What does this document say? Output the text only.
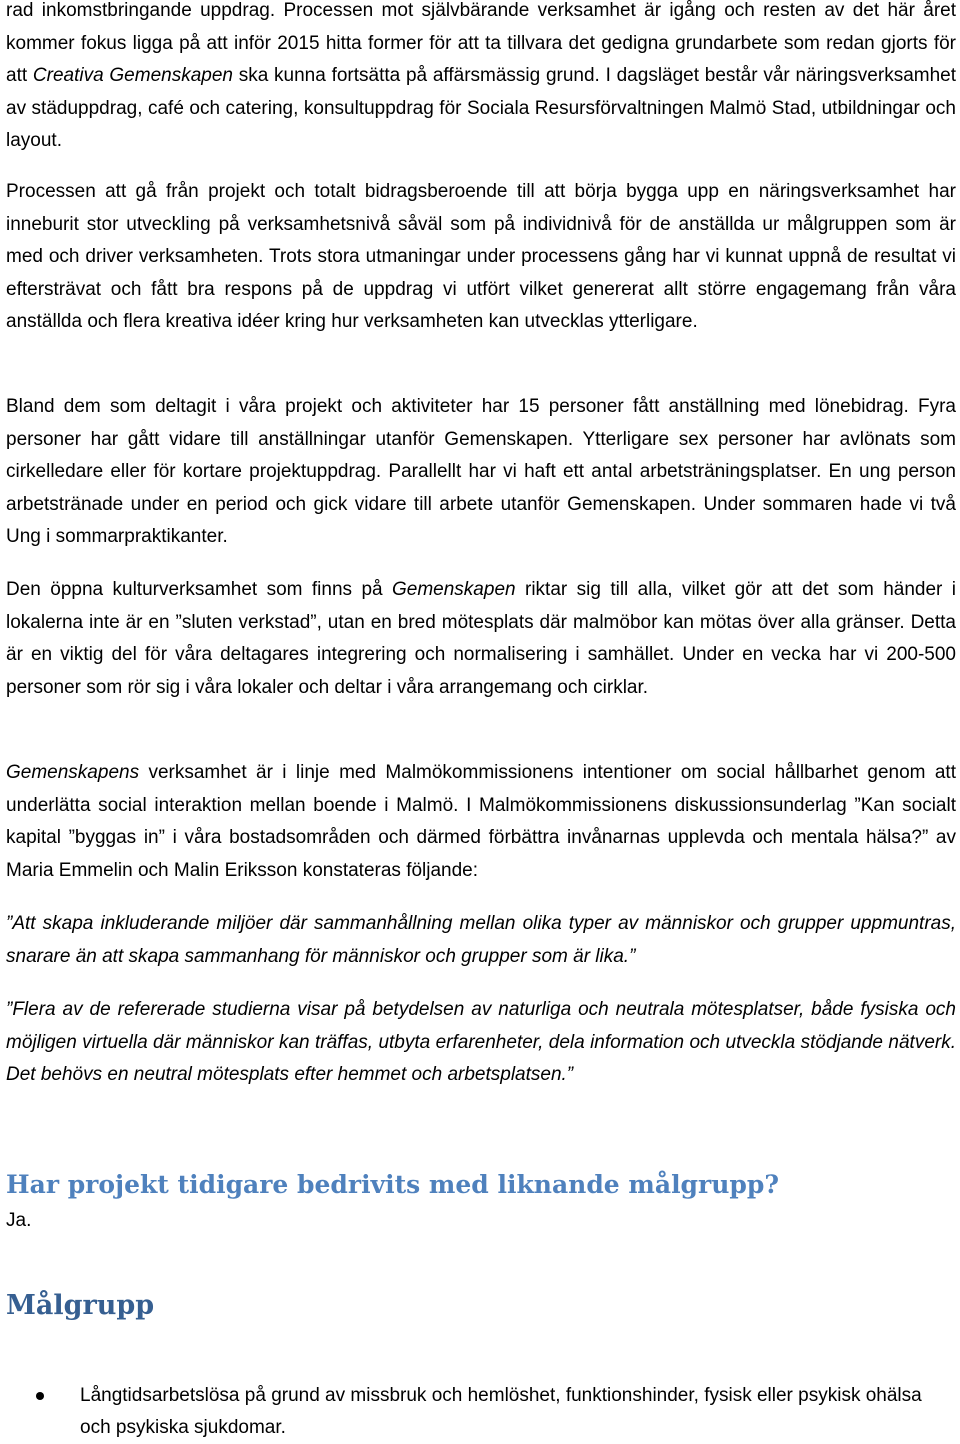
rad inkomstbringande uppdrag. Processen mot självbärande verksamhet är igång och resten av det här året kommer fokus ligga på att inför 2015 hitta former för att ta tillvara det gedigna grundarbete som redan gjorts för att Creativa Gemenskapen ska kunna fortsätta på affärsmässig grund. I dagsläget består vår näringsverksamhet av städuppdrag, café och catering, konsultuppdrag för Sociala Resursförvaltningen Malmö Stad, utbildningar och layout.

Processen att gå från projekt och totalt bidragsberoende till att börja bygga upp en näringsverksamhet har inneburit stor utveckling på verksamhetsnivå såväl som på individnivå för de anställda ur målgruppen som är med och driver verksamheten. Trots stora utmaningar under processens gång har vi kunnat uppnå de resultat vi eftersträvat och fått bra respons på de uppdrag vi utfört vilket genererat allt större engagemang från våra anställda och flera kreativa idéer kring hur verksamheten kan utvecklas ytterligare.

Bland dem som deltagit i våra projekt och aktiviteter har 15 personer fått anställning med lönebidrag. Fyra personer har gått vidare till anställningar utanför Gemenskapen. Ytterligare sex personer har avlönats som cirkelledare eller för kortare projektuppdrag. Parallellt har vi haft ett antal arbetsträningsplatser. En ung person arbetstränade under en period och gick vidare till arbete utanför Gemenskapen. Under sommaren hade vi två Ung i sommarpraktikanter.

Den öppna kulturverksamhet som finns på Gemenskapen riktar sig till alla, vilket gör att det som händer i lokalerna inte är en ”sluten verkstad”, utan en bred mötesplats där malmöbor kan mötas över alla gränser. Detta är en viktig del för våra deltagares integrering och normalisering i samhället. Under en vecka har vi 200-500 personer som rör sig i våra lokaler och deltar i våra arrangemang och cirklar.

Gemenskapens verksamhet är i linje med Malmökommissionens intentioner om social hållbarhet genom att underlätta social interaktion mellan boende i Malmö. I Malmökommissionens diskussionsunderlag ”Kan socialt kapital ”byggas in” i våra bostadsområden och därmed förbättra invånarnas upplevda och mentala hälsa?” av Maria Emmelin och Malin Eriksson konstateras följande:

”Att skapa inkluderande miljöer där sammanhållning mellan olika typer av människor och grupper uppmuntras, snarare än att skapa sammanhang för människor och grupper som är lika.”

”Flera av de refererade studierna visar på betydelsen av naturliga och neutrala mötesplatser, både fysiska och möjligen virtuella där människor kan träffas, utbyta erfarenheter, dela information och utveckla stödjande nätverk. Det behövs en neutral mötesplats efter hemmet och arbetsplatsen.”

Har projekt tidigare bedrivits med liknande målgrupp?
Ja.
Målgrupp
Långtidsarbetslösa på grund av missbruk och hemlöshet, funktionshinder, fysisk eller psykisk ohälsa och psykiska sjukdomar.
